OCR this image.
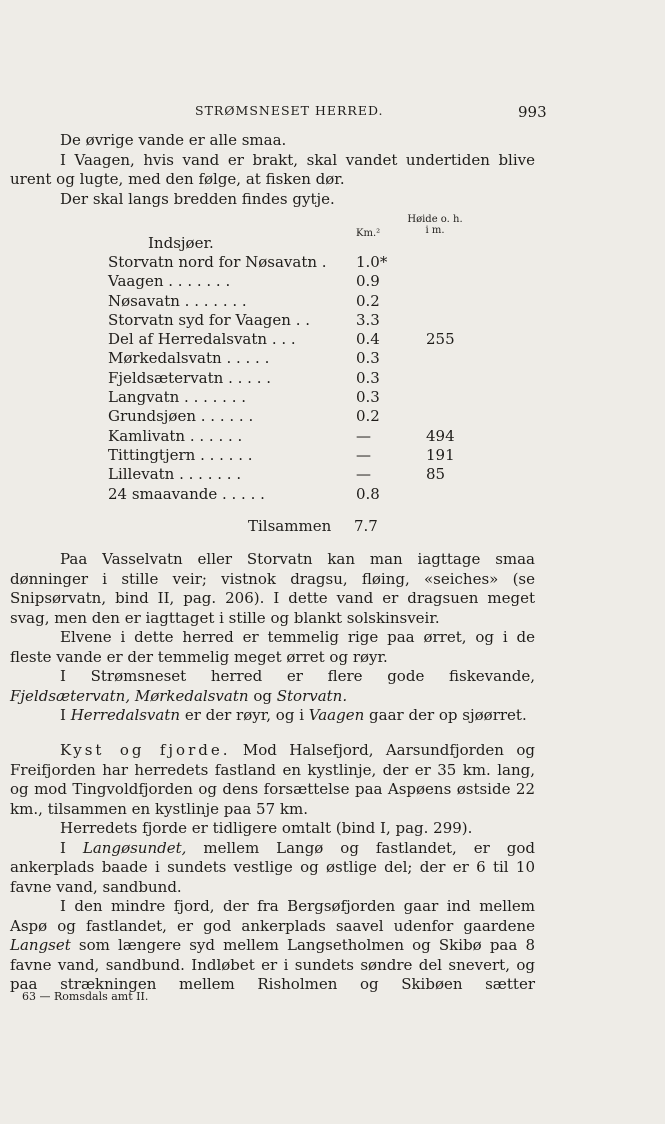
STRØMSNESET HERRED.	993

De øvrige vande er alle smaa.

I Vaagen, hvis vand er brakt, skal vandet undertiden blive urent og lugte, med den følge, at fisken dør.

Der skal langs bredden findes gytje.

Høide o. h.
i m.
Km.²
Indsjøer.
Storvatn nord for Nøsavatn . 1.0*
Vaagen . . . . . . .	0.9
Nøsavatn . . . . . . .	0.2
Storvatn syd for Vaagen . .	3.3
Del af Herredalsvatn . . .	0.4	255
Mørkedalsvatn . . . . .	0.3
Fjeldsætervatn . . . . .	0.3
Langvatn . . . . . . .	0.3
Grundsjøen . . . . . .	0.2
Kamlivatn . . . . . .	—	494
Tittingtjern . . . . . .	—	191
Lillevatn . . . . . . .	—	85
24 smaavande . . . . .	0.8
Tilsammen 7.7

Paa Vasselvatn eller Storvatn kan man iagttage smaa dønninger i stille veir; vistnok dragsu, fløing, «seiches» (se Snipsørvatn, bind II, pag. 206). I dette vand er dragsuen meget svag, men den er iagttaget i stille og blankt solskinsveir.

Elvene i dette herred er temmelig rige paa ørret, og i de fleste vande er der temmelig meget ørret og røyr.

I Strømsneset herred er flere gode fiskevande, Fjeldsætervatn, Mørkedalsvatn og Storvatn.

I Herredalsvatn er der røyr, og i Vaagen gaar der op sjøørret.

Kyst og fjorde. Mod Halsefjord, Aarsundfjorden og Freifjorden har herredets fastland en kystlinje, der er 35 km. lang, og mod Tingvoldfjorden og dens forsættelse paa Aspøens østside 22 km., tilsammen en kystlinje paa 57 km.

Herredets fjorde er tidligere omtalt (bind I, pag. 299).

I Langøsundet, mellem Langø og fastlandet, er god ankerplads baade i sundets vestlige og østlige del; der er 6 til 10 favne vand, sandbund.

I den mindre fjord, der fra Bergsøfjorden gaar ind mellem Aspø og fastlandet, er god ankerplads saavel udenfor gaardene Langset som længere syd mellem Langsetholmen og Skibø paa 8 favne vand, sandbund. Indløbet er i sundets søndre del snevert, og paa strækningen mellem Risholmen og Skibøen sætter

63 — Romsdals amt II.
